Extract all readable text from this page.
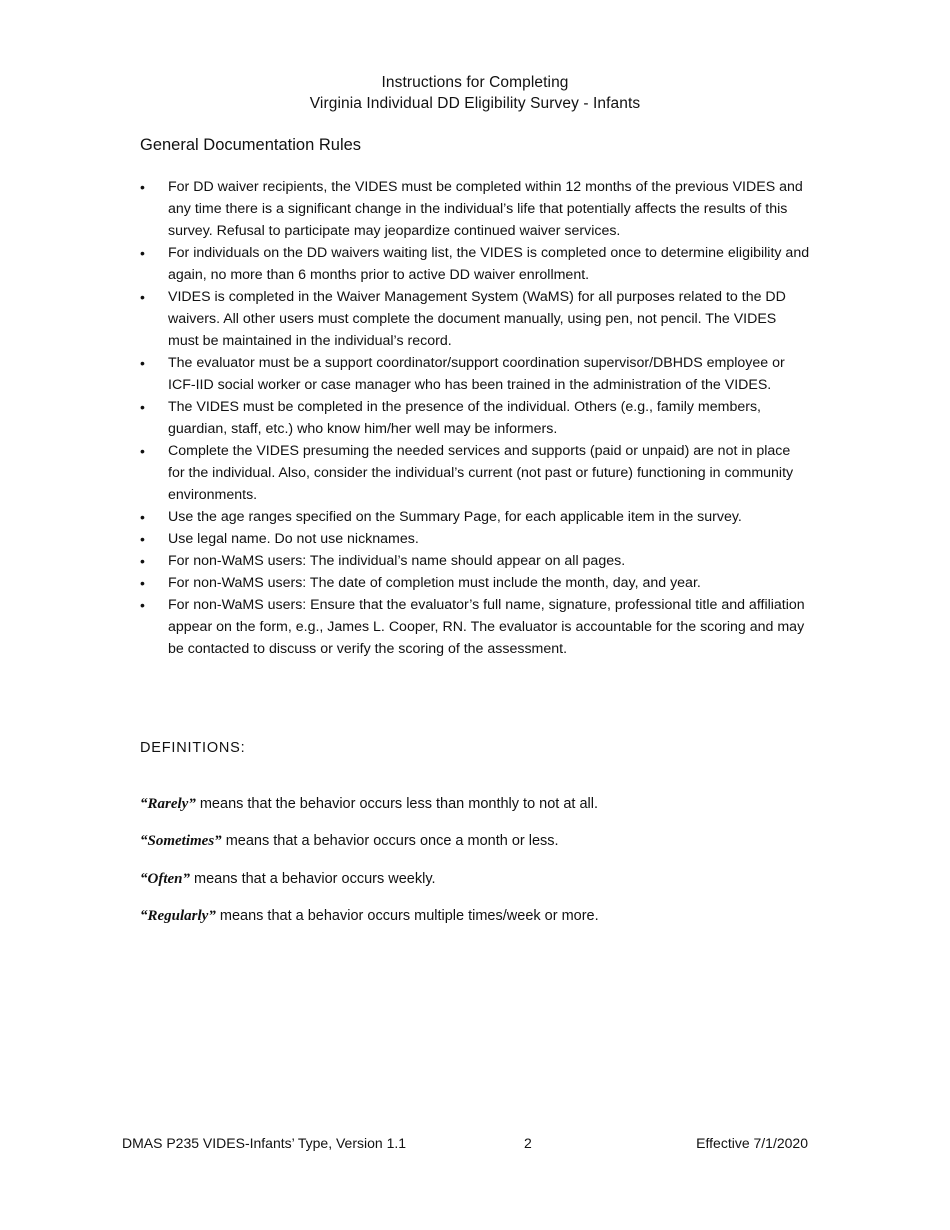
Instructions for Completing
Virginia Individual DD Eligibility Survey - Infants
General Documentation Rules
• For DD waiver recipients, the VIDES must be completed within 12 months of the previous VIDES and any time there is a significant change in the individual’s life that potentially affects the results of this survey. Refusal to participate may jeopardize continued waiver services.
• For individuals on the DD waivers waiting list, the VIDES is completed once to determine eligibility and again, no more than 6 months prior to active DD waiver enrollment.
• VIDES is completed in the Waiver Management System (WaMS) for all purposes related to the DD waivers. All other users must complete the document manually, using pen, not pencil. The VIDES must be maintained in the individual’s record.
• The evaluator must be a support coordinator/support coordination supervisor/DBHDS employee or ICF-IID social worker or case manager who has been trained in the administration of the VIDES.
• The VIDES must be completed in the presence of the individual. Others (e.g., family members, guardian, staff, etc.) who know him/her well may be informers.
• Complete the VIDES presuming the needed services and supports (paid or unpaid) are not in place for the individual. Also, consider the individual’s current (not past or future) functioning in community environments.
• Use the age ranges specified on the Summary Page, for each applicable item in the survey.
• Use legal name. Do not use nicknames.
• For non-WaMS users: The individual’s name should appear on all pages.
• For non-WaMS users: The date of completion must include the month, day, and year.
• For non-WaMS users: Ensure that the evaluator’s full name, signature, professional title and affiliation appear on the form, e.g., James L. Cooper, RN. The evaluator is accountable for the scoring and may be contacted to discuss or verify the scoring of the assessment.
DEFINITIONS:
“Rarely” means that the behavior occurs less than monthly to not at all.
“Sometimes” means that a behavior occurs once a month or less.
“Often” means that a behavior occurs weekly.
“Regularly” means that a behavior occurs multiple times/week or more.
DMAS P235 VIDES-Infants’ Type, Version 1.1	2	Effective 7/1/2020
